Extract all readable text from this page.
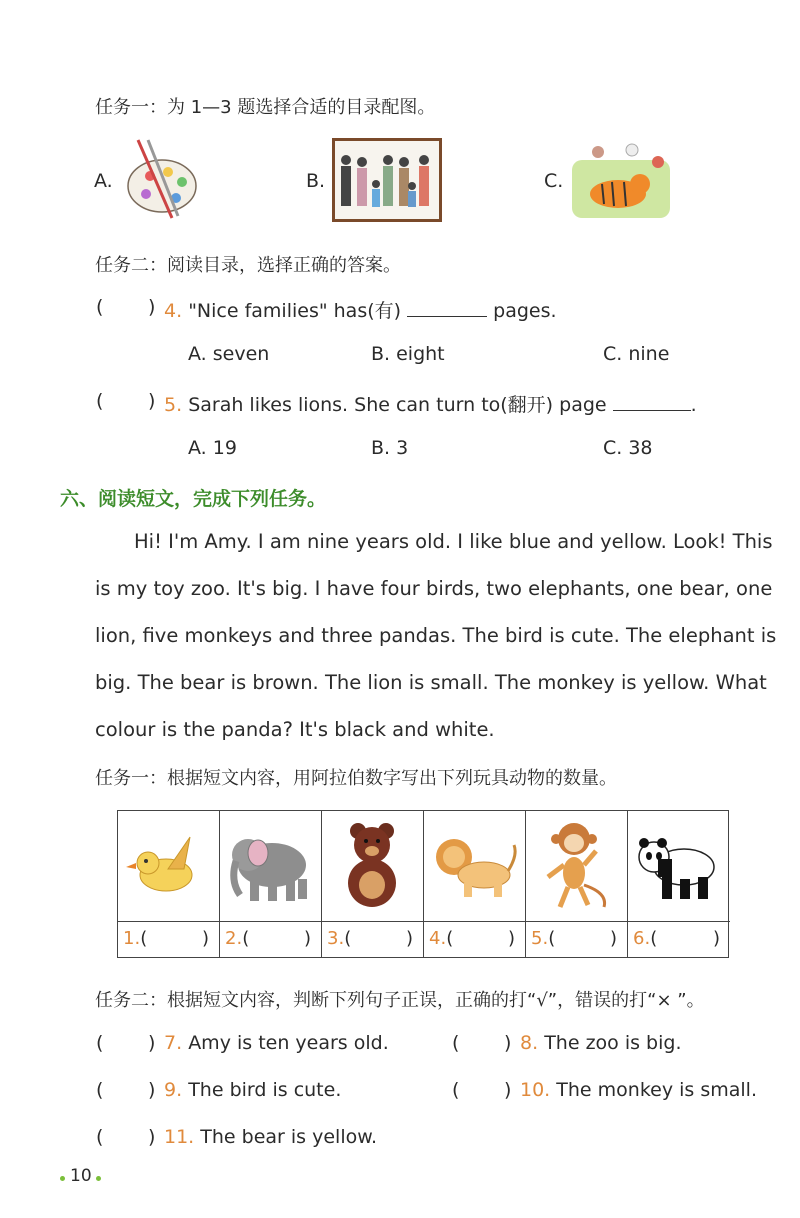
任务一：为 1—3 题选择合适的目录配图。
A.	B.	C.
任务二：阅读目录，选择正确的答案。
( ) 4. "Nice families" has(有)	pages.
A. seven	B. eight	C. nine
( ) 5. Sarah likes lions. She can turn to(翻开) page	.
A. 19	B. 3	C. 38
六、阅读短文，完成下列任务。
Hi! I'm Amy. I am nine years old. I like blue and yellow. Look! This
is my toy zoo. It's big. I have four birds, two elephants, one bear, one
lion, five monkeys and three pandas. The bird is cute. The elephant is
big. The bear is brown. The lion is small. The monkey is yellow. What
colour is the panda? It's black and white.
任务一：根据短文内容，用阿拉伯数字写出下列玩具动物的数量。
1.(	) 2.(	) 3.(	) 4.(	) 5.(	) 6.(	)
任务二：根据短文内容，判断下列句子正误，正确的打“√”，错误的打“× ”。
( ) 7. Amy is ten years old.	( ) 8. The zoo is big.
( ) 9. The bird is cute.	( ) 10. The monkey is small.
( ) 11. The bear is yellow.
10
